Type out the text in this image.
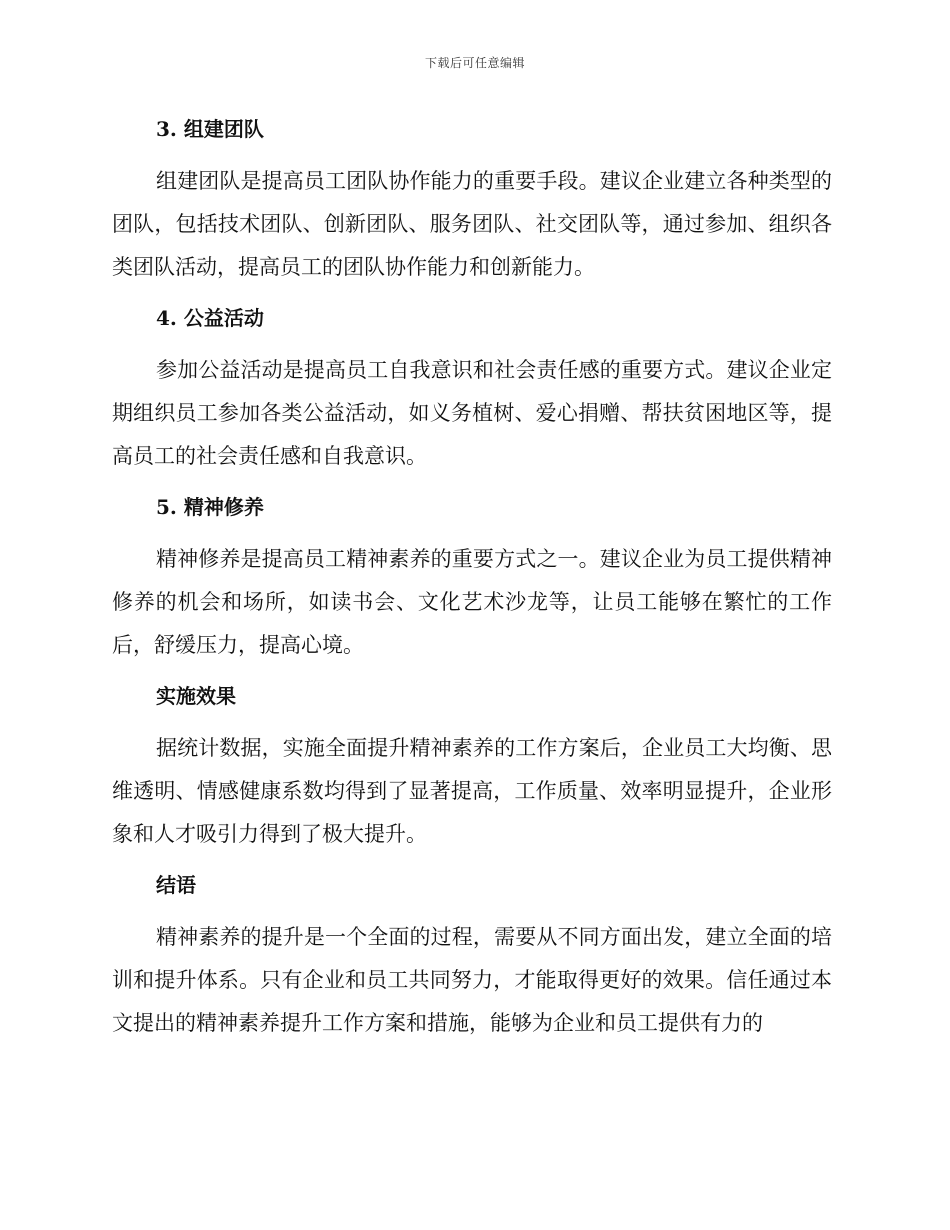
下载后可任意编辑
3. 组建团队

组建团队是提高员工团队协作能力的重要手段。建议企业建立各种类型的团队，包括技术团队、创新团队、服务团队、社交团队等，通过参加、组织各类团队活动，提高员工的团队协作能力和创新能力。

4. 公益活动

参加公益活动是提高员工自我意识和社会责任感的重要方式。建议企业定期组织员工参加各类公益活动，如义务植树、爱心捐赠、帮扶贫困地区等，提高员工的社会责任感和自我意识。

5. 精神修养

精神修养是提高员工精神素养的重要方式之一。建议企业为员工提供精神修养的机会和场所，如读书会、文化艺术沙龙等，让员工能够在繁忙的工作后，舒缓压力，提高心境。

实施效果

据统计数据，实施全面提升精神素养的工作方案后，企业员工大均衡、思维透明、情感健康系数均得到了显著提高，工作质量、效率明显提升，企业形象和人才吸引力得到了极大提升。

结语

精神素养的提升是一个全面的过程，需要从不同方面出发，建立全面的培训和提升体系。只有企业和员工共同努力，才能取得更好的效果。信任通过本文提出的精神素养提升工作方案和措施，能够为企业和员工提供有力的
